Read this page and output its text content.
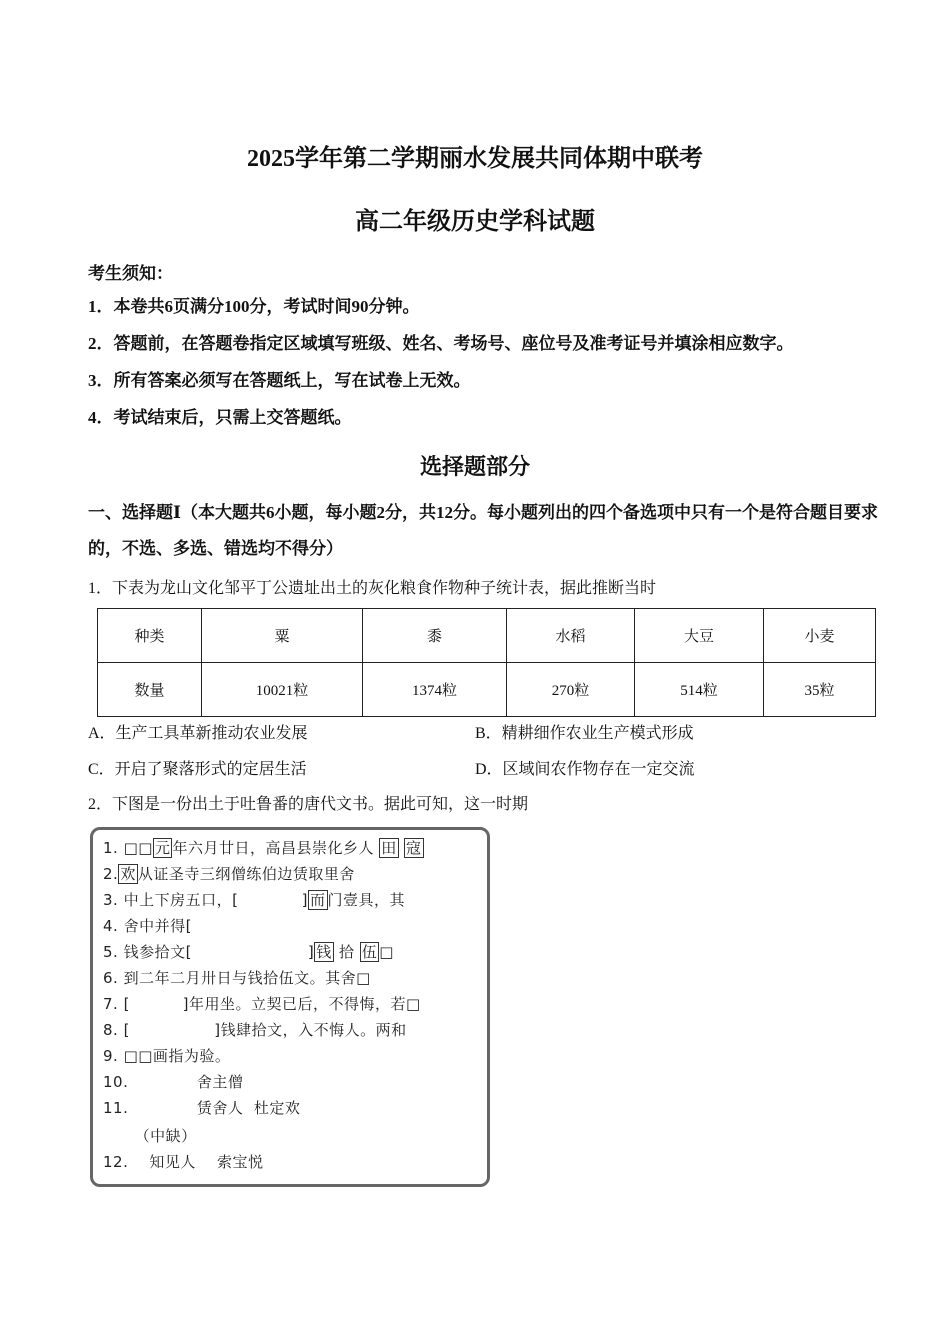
2025学年第二学期丽水发展共同体期中联考
高二年级历史学科试题
考生须知：
1．本卷共6页满分100分，考试时间90分钟。
2．答题前，在答题卷指定区域填写班级、姓名、考场号、座位号及准考证号并填涂相应数字。
3．所有答案必须写在答题纸上，写在试卷上无效。
4．考试结束后，只需上交答题纸。
选择题部分
一、选择题Ⅰ（本大题共6小题，每小题2分，共12分。每小题列出的四个备选项中只有一个是符合题目要求的，不选、多选、错选均不得分）
1．下表为龙山文化邹平丁公遗址出土的灰化粮食作物种子统计表，据此推断当时
种类	粟	黍	水稻	大豆	小麦
数量	10021粒	1374粒	270粒	514粒	35粒
A．生产工具革新推动农业发展	B．精耕细作农业生产模式形成
C．开启了聚落形式的定居生活	D．区域间农作物存在一定交流
2．下图是一份出土于吐鲁番的唐代文书。据此可知，这一时期
1. □□ 元 年六月廿日，高昌县崇化乡人 田 寇
2. 欢 从证圣寺三纲僧练伯边赁取里舍
3. 中上下房五口，[            ] 而 门壹具，其
4. 舍中并得[
5. 钱参拾文[                      ] 钱 拾 伍 □
6. 到二年二月卅日与钱拾伍文。其舍□
7. [          ]年用坐。立契已后，不得悔，若□
8. [                ]钱肆拾文，入不悔人。两和
9. □□画指为验。
10.             舍主僧
11.             赁舍人  杜定欢
（中缺）
12.    知见人    索宝悦
